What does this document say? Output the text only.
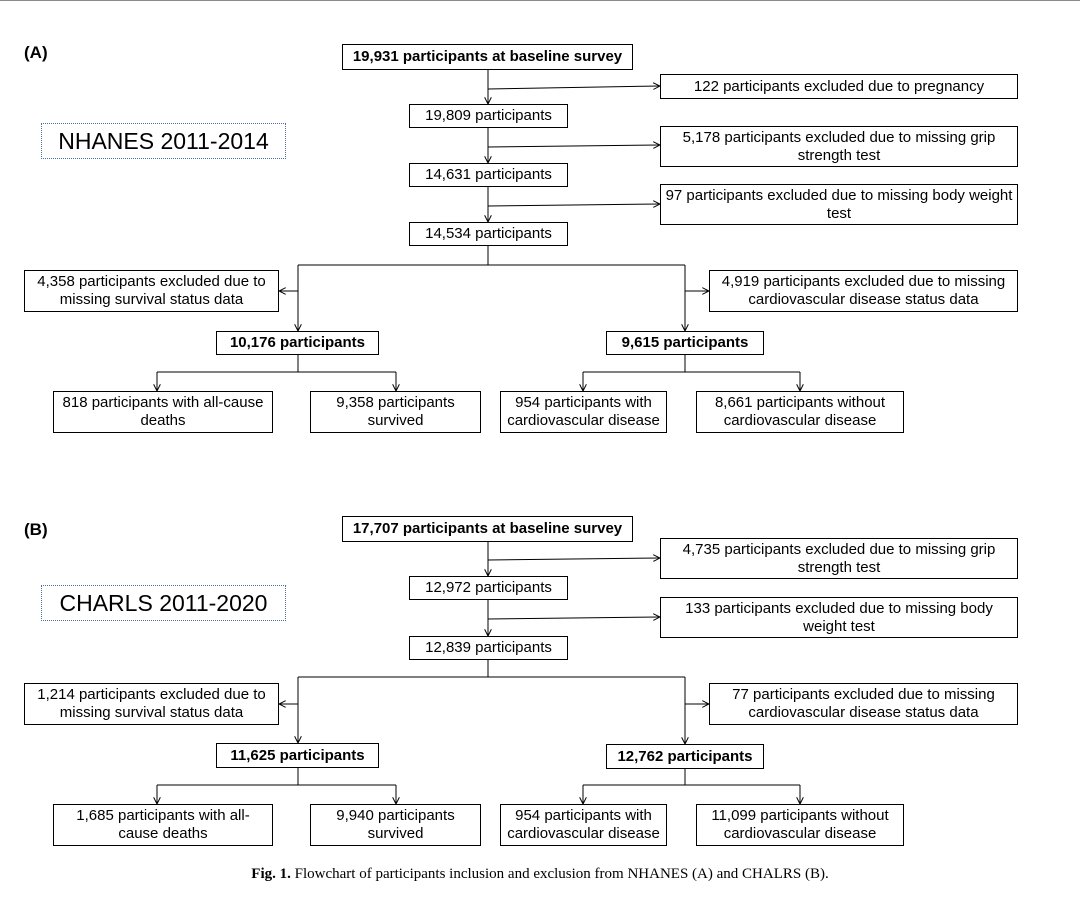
(A)
NHANES 2011-2014
19,931 participants at baseline survey
122 participants excluded due to pregnancy
19,809 participants
5,178 participants excluded due to missing grip strength test
14,631 participants
97 participants excluded due to missing body weight test
14,534 participants
4,358 participants excluded due to missing survival status data
4,919 participants excluded due to missing cardiovascular disease status data
10,176 participants	9,615 participants
818 participants with all-cause deaths
9,358 participants survived
954 participants with cardiovascular disease
8,661 participants without cardiovascular disease
(B)
CHARLS 2011-2020
17,707 participants at baseline survey
4,735 participants excluded due to missing grip strength test
12,972 participants
133 participants excluded due to missing body weight test
12,839 participants
1,214 participants excluded due to missing survival status data
77 participants excluded due to missing cardiovascular disease status data
11,625 participants	12,762 participants
1,685 participants with all-cause deaths
9,940 participants survived
954 participants with cardiovascular disease
11,099 participants without cardiovascular disease
Fig. 1. Flowchart of participants inclusion and exclusion from NHANES (A) and CHALRS (B).
